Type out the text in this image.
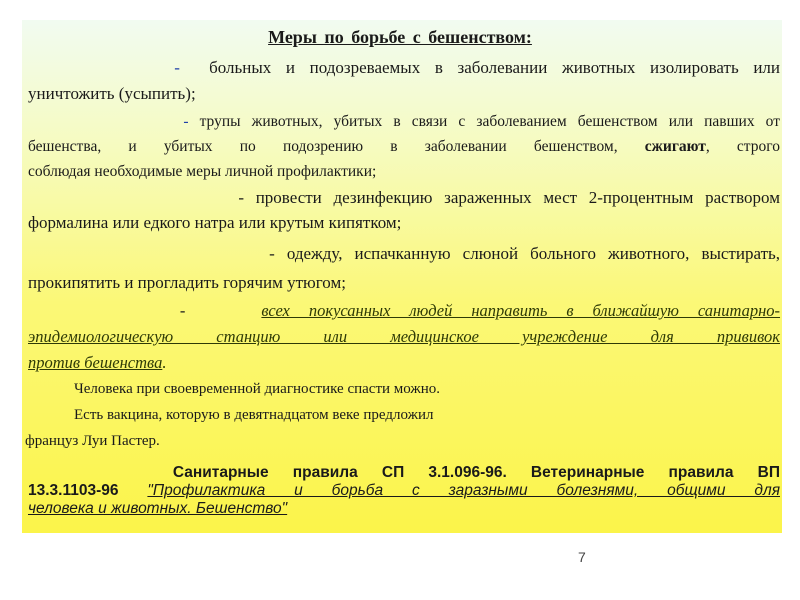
Меры по борьбе с бешенством:
- больных и подозреваемых в заболевании животных изолировать или
уничтожить (усыпить);
- трупы животных, убитых в связи с заболеванием бешенством или павших от
бешенства, и убитых по подозрению в заболевании бешенством, сжигают, строго
соблюдая необходимые меры личной профилактики;
- провести дезинфекцию зараженных мест 2-процентным раствором
формалина или едкого натра или крутым кипятком;
- одежду, испачканную слюной больного животного, выстирать,
прокипятить и прогладить горячим утюгом;
-	всех покусанных людей направить в ближайшую санитарно-
эпидемиологическую станцию или медицинское учреждение для прививок
против бешенства.
Человека при своевременной диагностике спасти можно.
Есть вакцина, которую в девятнадцатом веке предложил
француз Луи Пастер.
Санитарные правила СП 3.1.096-96. Ветеринарные правила ВП
13.3.1103-96 "Профилактика и борьба с заразными болезнями, общими для
человека и животных. Бешенство"
7
